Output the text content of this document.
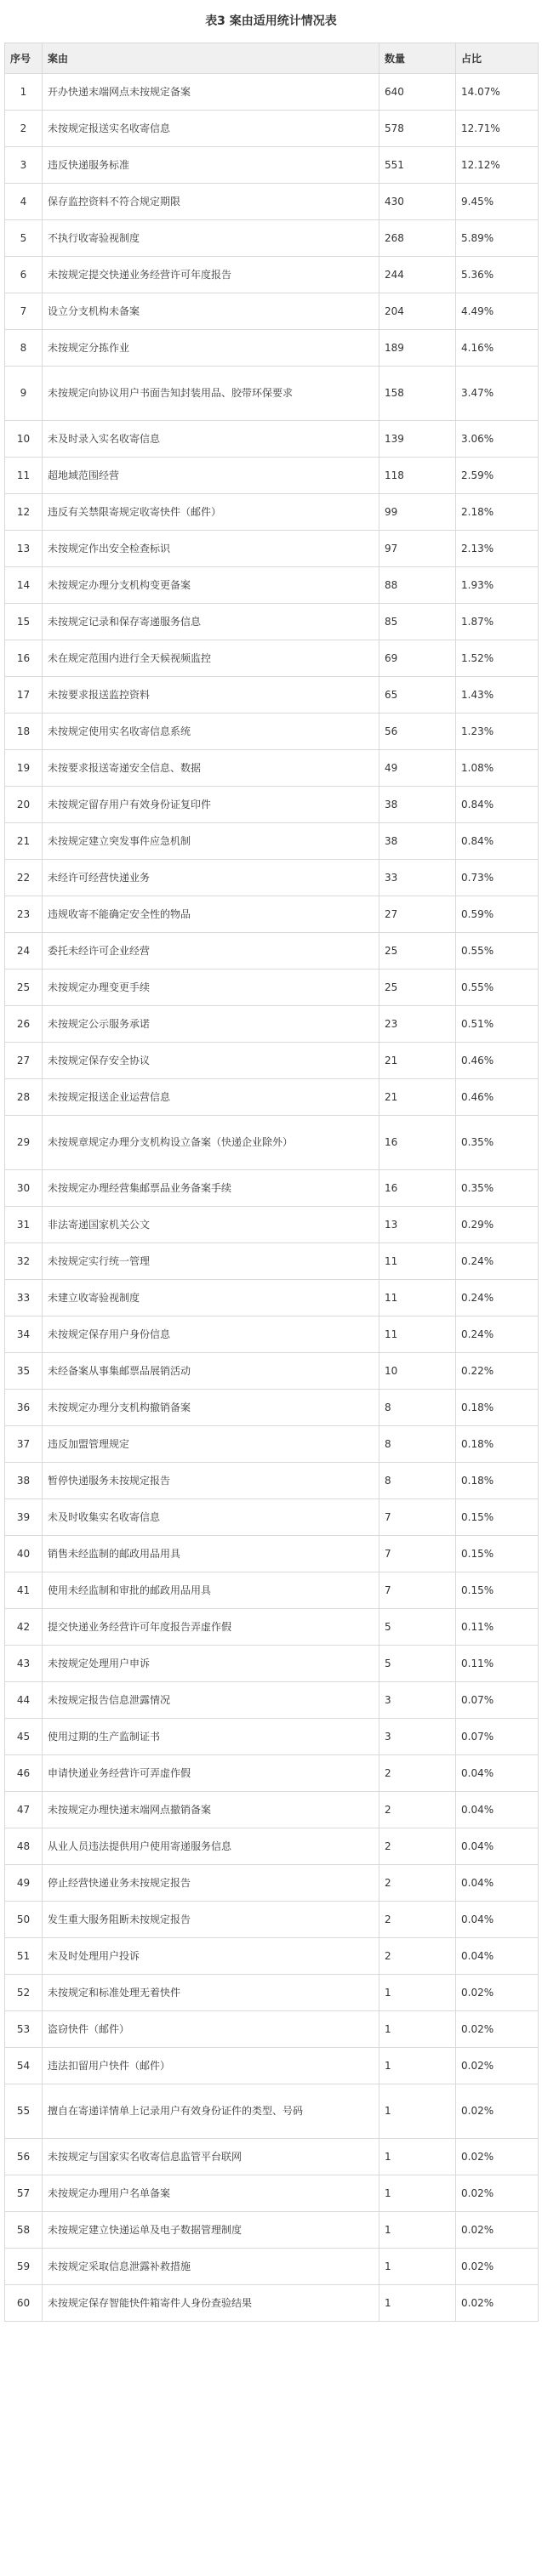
表3 案由适用统计情况表
序号	案由	数量	占比
1	开办快递末端网点未按规定备案	640	14.07%
2	未按规定报送实名收寄信息	578	12.71%
3	违反快递服务标准	551	12.12%
4	保存监控资料不符合规定期限	430	9.45%
5	不执行收寄验视制度	268	5.89%
6	未按规定提交快递业务经营许可年度报告	244	5.36%
7	设立分支机构未备案	204	4.49%
8	未按规定分拣作业	189	4.16%
9	未按规定向协议用户书面告知封装用品、胶带环保要求	158	3.47%
10	未及时录入实名收寄信息	139	3.06%
11	超地域范围经营	118	2.59%
12	违反有关禁限寄规定收寄快件（邮件）	99	2.18%
13	未按规定作出安全检查标识	97	2.13%
14	未按规定办理分支机构变更备案	88	1.93%
15	未按规定记录和保存寄递服务信息	85	1.87%
16	未在规定范围内进行全天候视频监控	69	1.52%
17	未按要求报送监控资料	65	1.43%
18	未按规定使用实名收寄信息系统	56	1.23%
19	未按要求报送寄递安全信息、数据	49	1.08%
20	未按规定留存用户有效身份证复印件	38	0.84%
21	未按规定建立突发事件应急机制	38	0.84%
22	未经许可经营快递业务	33	0.73%
23	违规收寄不能确定安全性的物品	27	0.59%
24	委托未经许可企业经营	25	0.55%
25	未按规定办理变更手续	25	0.55%
26	未按规定公示服务承诺	23	0.51%
27	未按规定保存安全协议	21	0.46%
28	未按规定报送企业运营信息	21	0.46%
29	未按规章规定办理分支机构设立备案（快递企业除外）	16	0.35%
30	未按规定办理经营集邮票品业务备案手续	16	0.35%
31	非法寄递国家机关公文	13	0.29%
32	未按规定实行统一管理	11	0.24%
33	未建立收寄验视制度	11	0.24%
34	未按规定保存用户身份信息	11	0.24%
35	未经备案从事集邮票品展销活动	10	0.22%
36	未按规定办理分支机构撤销备案	8	0.18%
37	违反加盟管理规定	8	0.18%
38	暂停快递服务未按规定报告	8	0.18%
39	未及时收集实名收寄信息	7	0.15%
40	销售未经监制的邮政用品用具	7	0.15%
41	使用未经监制和审批的邮政用品用具	7	0.15%
42	提交快递业务经营许可年度报告弄虚作假	5	0.11%
43	未按规定处理用户申诉	5	0.11%
44	未按规定报告信息泄露情况	3	0.07%
45	使用过期的生产监制证书	3	0.07%
46	申请快递业务经营许可弄虚作假	2	0.04%
47	未按规定办理快递末端网点撤销备案	2	0.04%
48	从业人员违法提供用户使用寄递服务信息	2	0.04%
49	停止经营快递业务未按规定报告	2	0.04%
50	发生重大服务阻断未按规定报告	2	0.04%
51	未及时处理用户投诉	2	0.04%
52	未按规定和标准处理无着快件	1	0.02%
53	盗窃快件（邮件）	1	0.02%
54	违法扣留用户快件（邮件）	1	0.02%
55	擅自在寄递详情单上记录用户有效身份证件的类型、号码	1	0.02%
56	未按规定与国家实名收寄信息监管平台联网	1	0.02%
57	未按规定办理用户名单备案	1	0.02%
58	未按规定建立快递运单及电子数据管理制度	1	0.02%
59	未按规定采取信息泄露补救措施	1	0.02%
60	未按规定保存智能快件箱寄件人身份查验结果	1	0.02%
